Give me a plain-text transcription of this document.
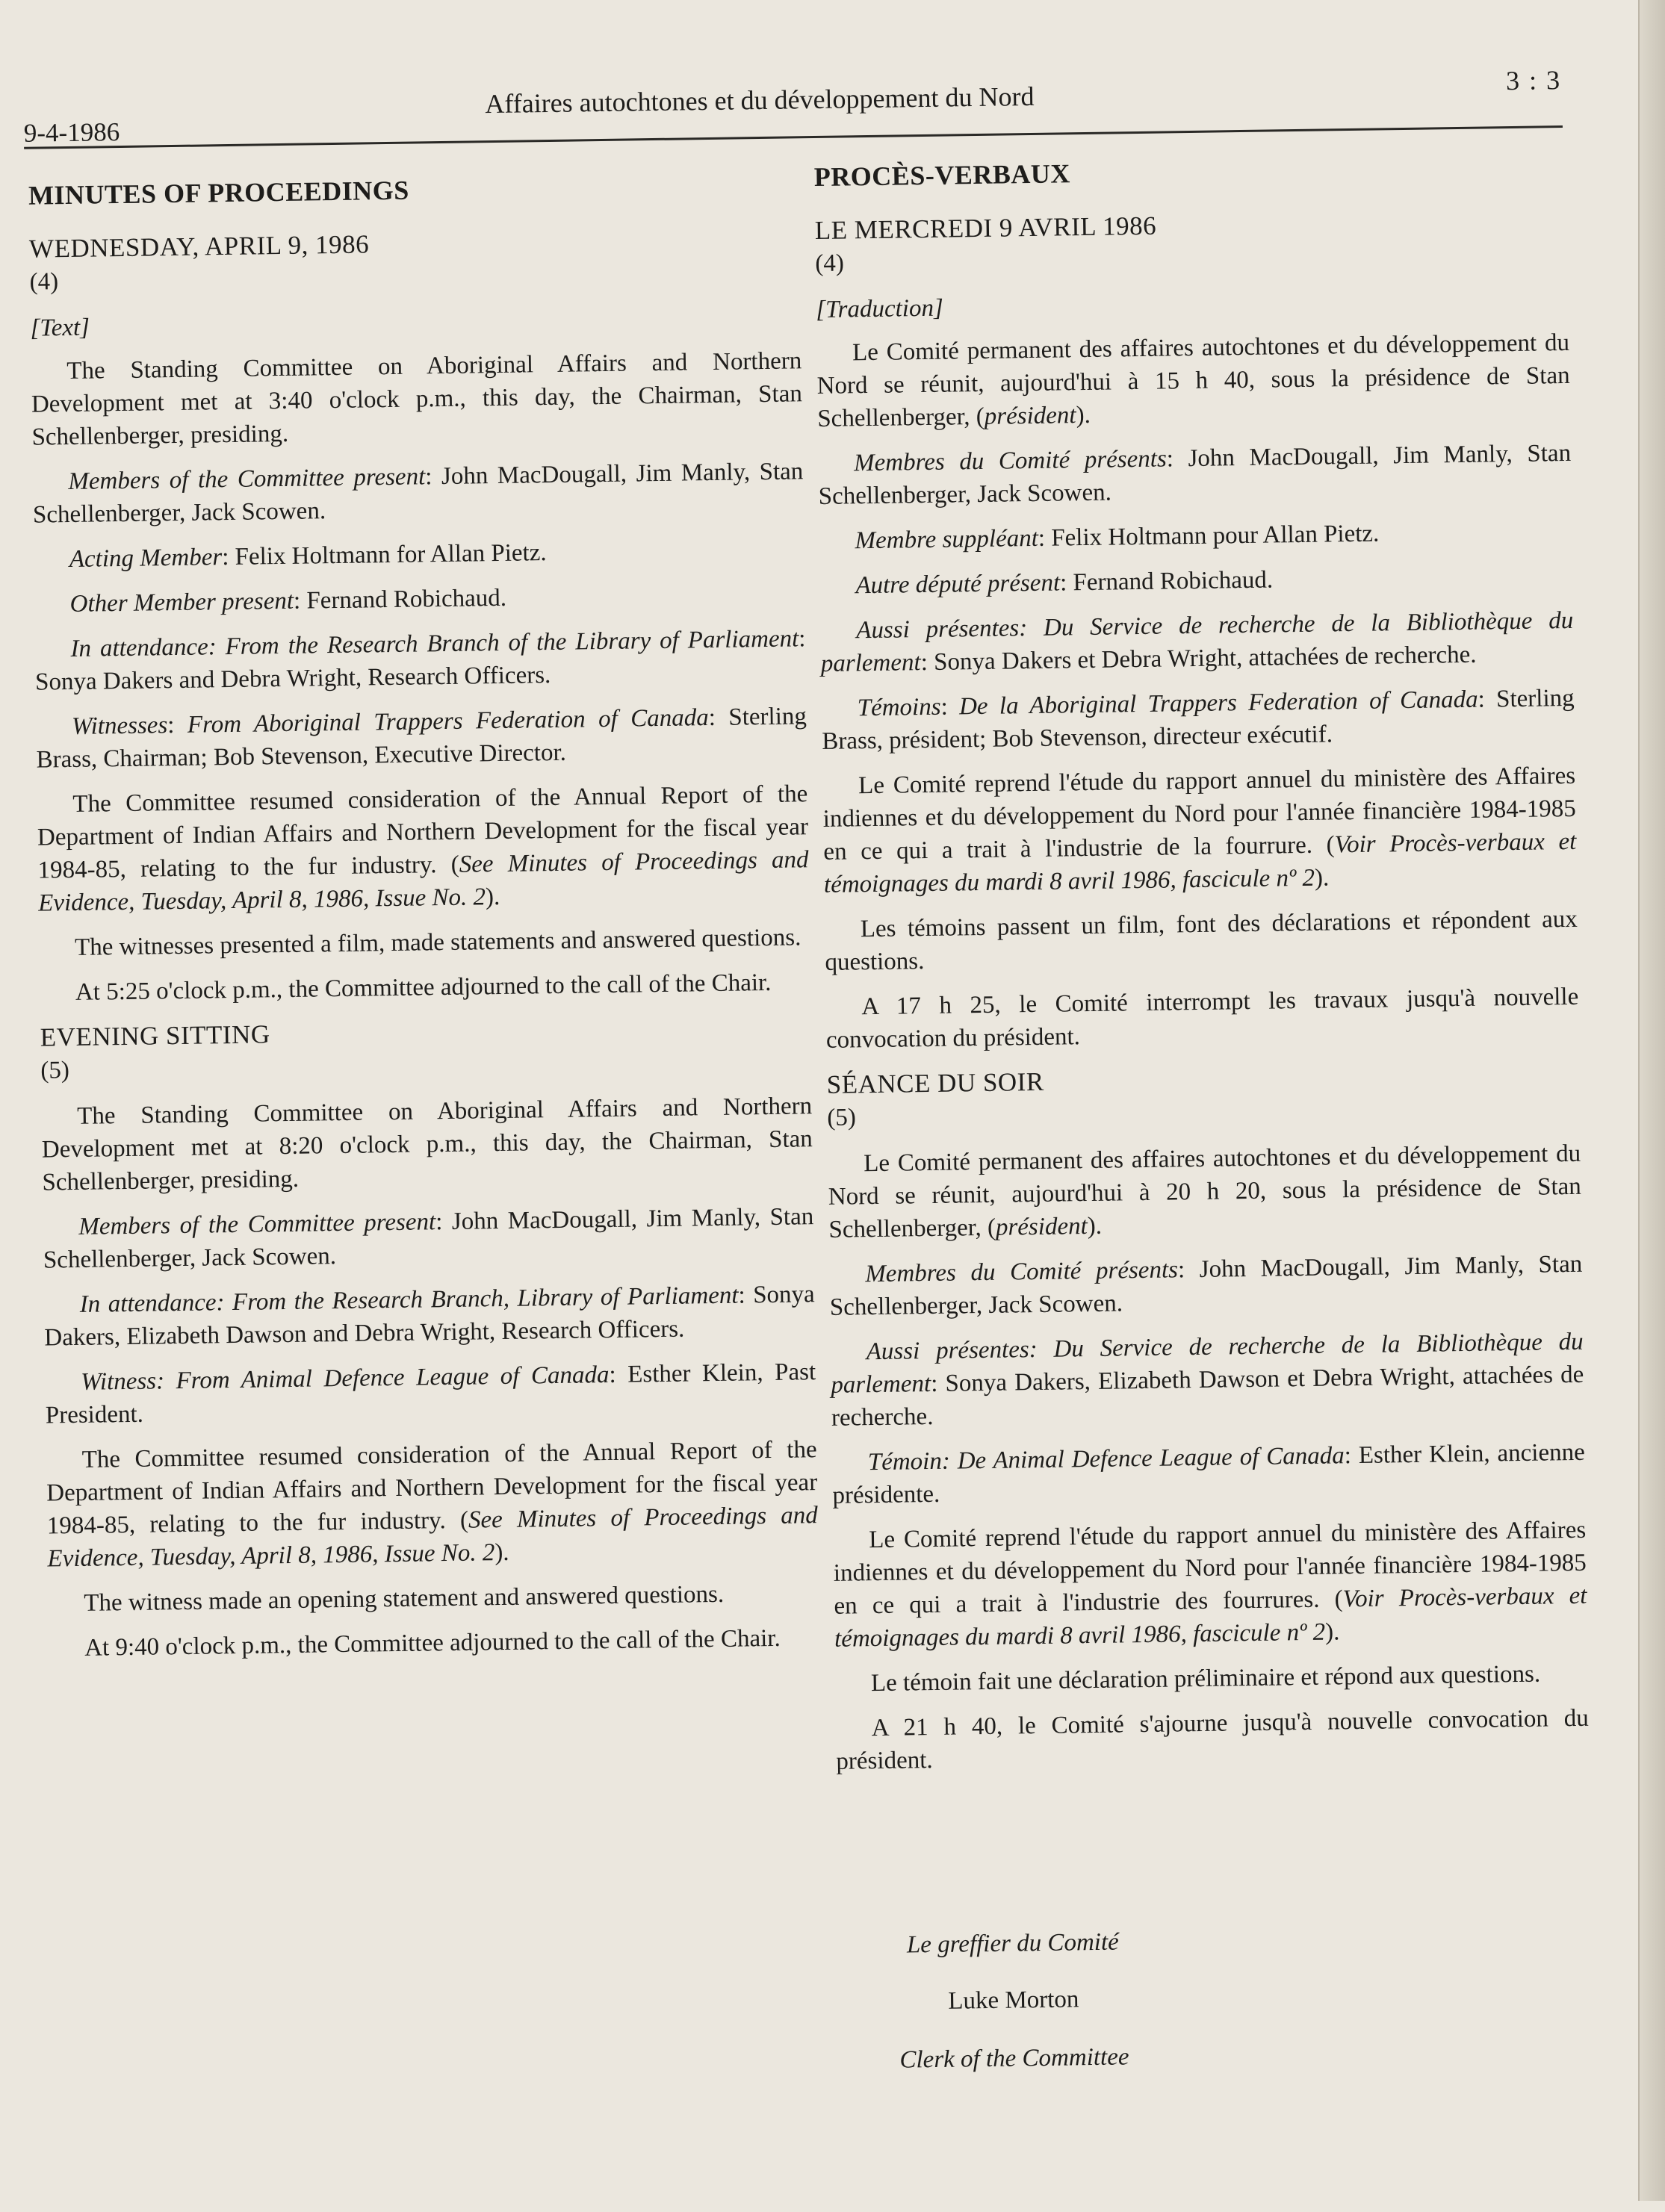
9-4-1986
Affaires autochtones et du développement du Nord
3 : 3
MINUTES OF PROCEEDINGS
WEDNESDAY, APRIL 9, 1986
(4)
[Text]

The Standing Committee on Aboriginal Affairs and Northern Development met at 3:40 o'clock p.m., this day, the Chairman, Stan Schellenberger, presiding.

Members of the Committee present: John MacDougall, Jim Manly, Stan Schellenberger, Jack Scowen.

Acting Member: Felix Holtmann for Allan Pietz.

Other Member present: Fernand Robichaud.

In attendance: From the Research Branch of the Library of Parliament: Sonya Dakers and Debra Wright, Research Officers.

Witnesses: From Aboriginal Trappers Federation of Canada: Sterling Brass, Chairman; Bob Stevenson, Executive Director.

The Committee resumed consideration of the Annual Report of the Department of Indian Affairs and Northern Development for the fiscal year 1984-85, relating to the fur industry. (See Minutes of Proceedings and Evidence, Tuesday, April 8, 1986, Issue No. 2).

The witnesses presented a film, made statements and answered questions.

At 5:25 o'clock p.m., the Committee adjourned to the call of the Chair.

EVENING SITTING
(5)

The Standing Committee on Aboriginal Affairs and Northern Development met at 8:20 o'clock p.m., this day, the Chairman, Stan Schellenberger, presiding.

Members of the Committee present: John MacDougall, Jim Manly, Stan Schellenberger, Jack Scowen.

In attendance: From the Research Branch, Library of Parliament: Sonya Dakers, Elizabeth Dawson and Debra Wright, Research Officers.

Witness: From Animal Defence League of Canada: Esther Klein, Past President.

The Committee resumed consideration of the Annual Report of the Department of Indian Affairs and Northern Development for the fiscal year 1984-85, relating to the fur industry. (See Minutes of Proceedings and Evidence, Tuesday, April 8, 1986, Issue No. 2).

The witness made an opening statement and answered questions.

At 9:40 o'clock p.m., the Committee adjourned to the call of the Chair.

PROCÈS-VERBAUX
LE MERCREDI 9 AVRIL 1986
(4)
[Traduction]

Le Comité permanent des affaires autochtones et du développement du Nord se réunit, aujourd'hui à 15 h 40, sous la présidence de Stan Schellenberger, (président).

Membres du Comité présents: John MacDougall, Jim Manly, Stan Schellenberger, Jack Scowen.

Membre suppléant: Felix Holtmann pour Allan Pietz.

Autre député présent: Fernand Robichaud.

Aussi présentes: Du Service de recherche de la Bibliothèque du parlement: Sonya Dakers et Debra Wright, attachées de recherche.

Témoins: De la Aboriginal Trappers Federation of Canada: Sterling Brass, président; Bob Stevenson, directeur exécutif.

Le Comité reprend l'étude du rapport annuel du ministère des Affaires indiennes et du développement du Nord pour l'année financière 1984-1985 en ce qui a trait à l'industrie de la fourrure. (Voir Procès-verbaux et témoignages du mardi 8 avril 1986, fascicule nº 2).

Les témoins passent un film, font des déclarations et répondent aux questions.

A 17 h 25, le Comité interrompt les travaux jusqu'à nouvelle convocation du président.

SÉANCE DU SOIR
(5)

Le Comité permanent des affaires autochtones et du développement du Nord se réunit, aujourd'hui à 20 h 20, sous la présidence de Stan Schellenberger, (président).

Membres du Comité présents: John MacDougall, Jim Manly, Stan Schellenberger, Jack Scowen.

Aussi présentes: Du Service de recherche de la Bibliothèque du parlement: Sonya Dakers, Elizabeth Dawson et Debra Wright, attachées de recherche.

Témoin: De Animal Defence League of Canada: Esther Klein, ancienne présidente.

Le Comité reprend l'étude du rapport annuel du ministère des Affaires indiennes et du développement du Nord pour l'année financière 1984-1985 en ce qui a trait à l'industrie des fourrures. (Voir Procès-verbaux et témoignages du mardi 8 avril 1986, fascicule nº 2).

Le témoin fait une déclaration préliminaire et répond aux questions.

A 21 h 40, le Comité s'ajourne jusqu'à nouvelle convocation du président.

Le greffier du Comité
Luke Morton
Clerk of the Committee
